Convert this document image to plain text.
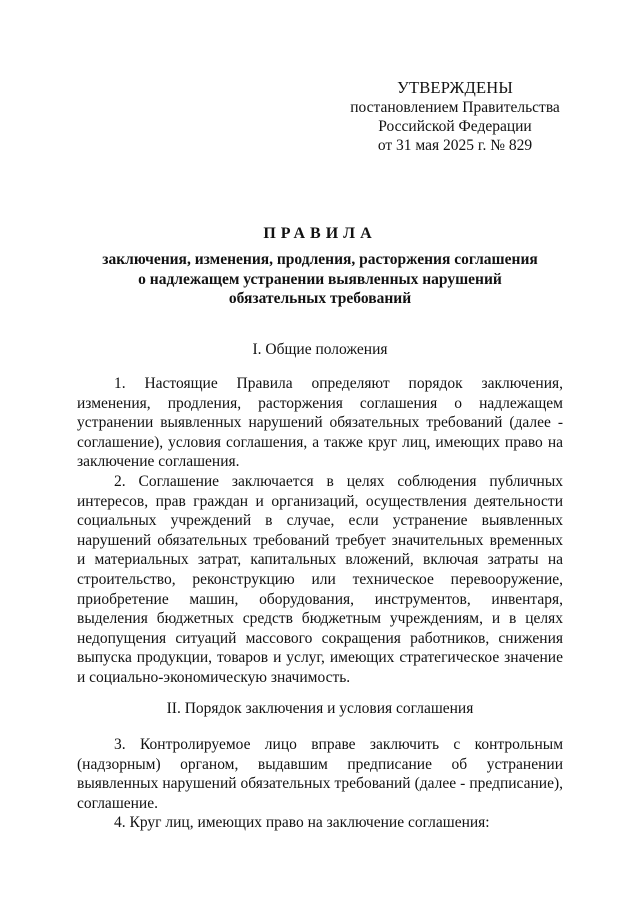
УТВЕРЖДЕНЫ
постановлением Правительства
Российской Федерации
от 31 мая 2025 г. № 829
ПРАВИЛА
заключения, изменения, продления, расторжения соглашения
о надлежащем устранении выявленных нарушений
обязательных требований
I. Общие положения

1. Настоящие Правила определяют порядок заключения, изменения, продления, расторжения соглашения о надлежащем устранении выявленных нарушений обязательных требований (далее - соглашение), условия соглашения, а также круг лиц, имеющих право на заключение соглашения.

2. Соглашение заключается в целях соблюдения публичных интересов, прав граждан и организаций, осуществления деятельности социальных учреждений в случае, если устранение выявленных нарушений обязательных требований требует значительных временных и материальных затрат, капитальных вложений, включая затраты на строительство, реконструкцию или техническое перевооружение, приобретение машин, оборудования, инструментов, инвентаря, выделения бюджетных средств бюджетным учреждениям, и в целях недопущения ситуаций массового сокращения работников, снижения выпуска продукции, товаров и услуг, имеющих стратегическое значение и социально-экономическую значимость.

II. Порядок заключения и условия соглашения

3. Контролируемое лицо вправе заключить с контрольным (надзорным) органом, выдавшим предписание об устранении выявленных нарушений обязательных требований (далее - предписание), соглашение.

4. Круг лиц, имеющих право на заключение соглашения:
